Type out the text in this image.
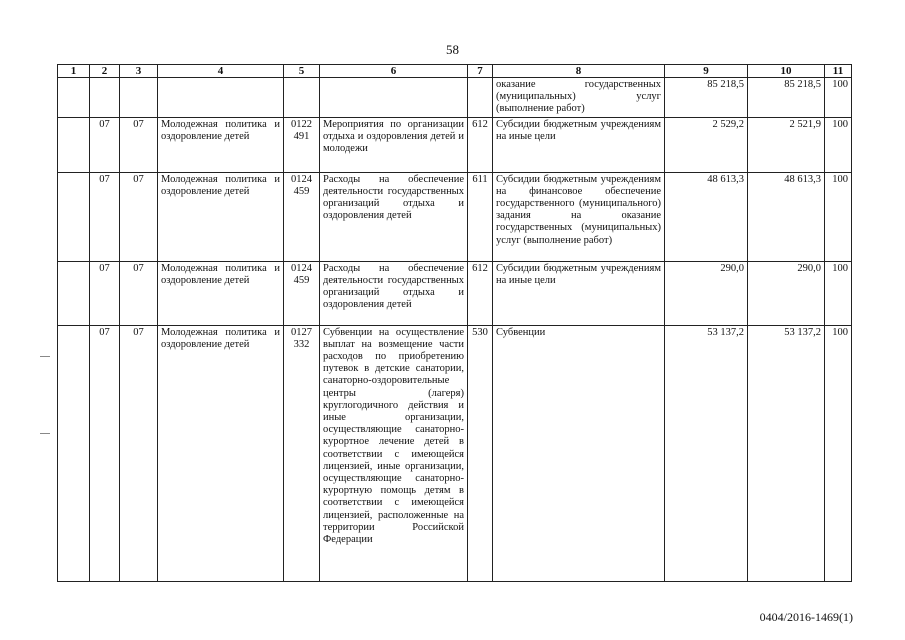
58
1	2	3	4	5	6	7	8	9	10	11
							оказание государственных (муниципальных) услуг (выполнение работ)	85 218,5	85 218,5	100
	07	07	Молодежная политика и оздоровление детей	0122 491	Мероприятия по организации отдыха и оздоровления детей и молодежи	612	Субсидии бюджетным учреждениям на иные цели	2 529,2	2 521,9	100
	07	07	Молодежная политика и оздоровление детей	0124 459	Расходы на обеспечение деятельности государственных организаций отдыха и оздоровления детей	611	Субсидии бюджетным учреждениям на финансовое обеспечение государственного (муниципального) задания на оказание государственных (муниципальных) услуг (выполнение работ)	48 613,3	48 613,3	100
	07	07	Молодежная политика и оздоровление детей	0124 459	Расходы на обеспечение деятельности государственных организаций отдыха и оздоровления детей	612	Субсидии бюджетным учреждениям на иные цели	290,0	290,0	100
	07	07	Молодежная политика и оздоровление детей	0127 332	Субвенции на осуществление выплат на возмещение части расходов по приобретению путевок в детские санатории, санаторно-оздоровительные центры (лагеря) круглогодичного действия и иные организации, осуществляющие санаторно-курортное лечение детей в соответствии с имеющейся лицензией, иные организации, осуществляющие санаторно-курортную помощь детям в соответствии с имеющейся лицензией, расположенные на территории Российской Федерации	530	Субвенции	53 137,2	53 137,2	100
0404/2016-1469(1)
